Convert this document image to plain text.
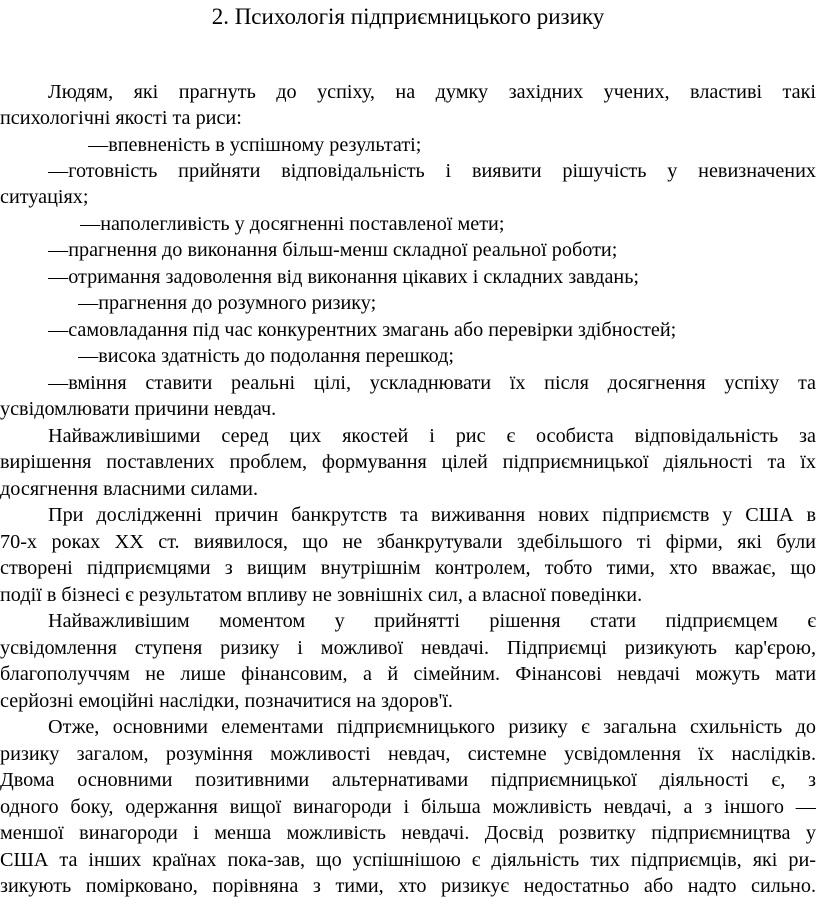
2. Психологія підприємницького ризику
Людям, які прагнуть до успіху, на думку західних учених, властиві такі
психологічні якості та риси:
—впевненість в успішному результаті;
—готовність прийняти відповідальність і виявити рішучість у невизначених
ситуаціях;
—наполегливість у досягненні поставленої мети;
—прагнення до виконання більш-менш складної реальної роботи;
—отримання задоволення від виконання цікавих і складних завдань;
—прагнення до розумного ризику;
—самовладання під час конкурентних змагань або перевірки здібностей;
—висока здатність до подолання перешкод;
—вміння ставити реальні цілі, ускладнювати їх після досягнення успіху та
усвідомлювати причини невдач.
Найважливішими серед цих якостей і рис є особиста відповідальність за
вирішення поставлених проблем, формування цілей підприємницької діяльності та їх
досягнення власними силами.
При дослідженні причин банкрутств та виживання нових підприємств у США в
70-х роках XX ст. виявилося, що не збанкрутували здебільшого ті фірми, які були
створені підприємцями з вищим внутрішнім контролем, тобто тими, хто вважає, що
події в бізнесі є результатом впливу не зовнішніх сил, а власної поведінки.
Найважливішим моментом у прийнятті рішення стати підприємцем є
усвідомлення ступеня ризику і можливої невдачі. Підприємці ризикують кар'єрою,
благополуччям не лише фінансовим, а й сімейним. Фінансові невдачі можуть мати
серйозні емоційні наслідки, позначитися на здоров'ї.
Отже, основними елементами підприємницького ризику є загальна схильність до
ризику загалом, розуміння можливості невдач, системне усвідомлення їх наслідків.
Двома основними позитивними альтернативами підприємницької діяльності є, з
одного боку, одержання вищої винагороди і більша можливість невдачі, а з іншого —
меншої винагороди і менша можливість невдачі. Досвід розвитку підприємництва у
США та інших країнах пока-зав, що успішнішою є діяльність тих підприємців, які ри-
зикують помірковано, порівняна з тими, хто ризикує недостатньо або надто сильно.
